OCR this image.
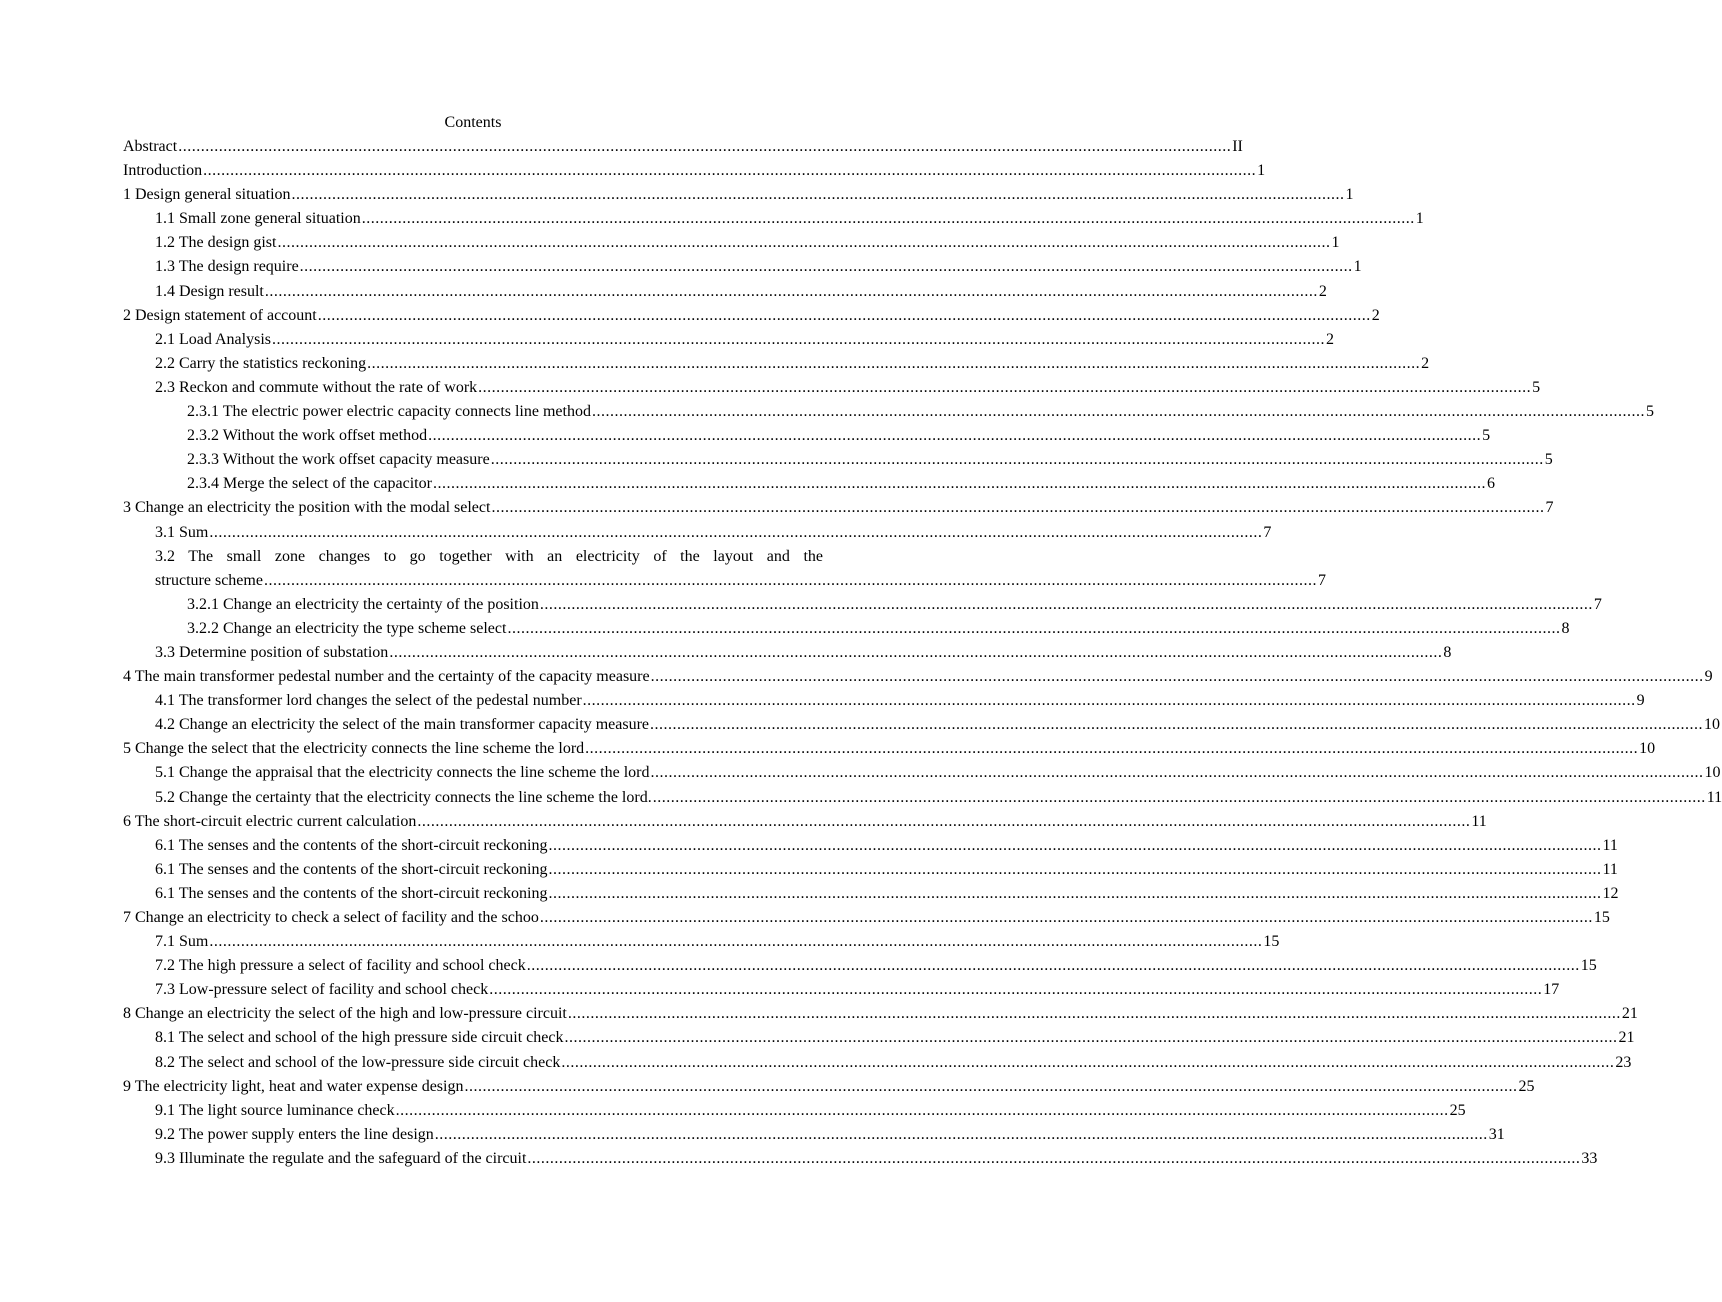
Contents
Abstract .......................................................................................................................................................................................................................................... II
Introduction .......................................................................................................................................................................................................................................... 1
1 Design general situation .......................................................................................................................................................................................................................................... 1
1.1 Small zone general situation .......................................................................................................................................................................................................................................... 1
1.2 The design gist .......................................................................................................................................................................................................................................... 1
1.3 The design require .......................................................................................................................................................................................................................................... 1
1.4 Design result .......................................................................................................................................................................................................................................... 2
2 Design statement of account .......................................................................................................................................................................................................................................... 2
2.1 Load Analysis .......................................................................................................................................................................................................................................... 2
2.2 Carry the statistics reckoning .......................................................................................................................................................................................................................................... 2
2.3 Reckon and commute without the rate of work .......................................................................................................................................................................................................................................... 5
2.3.1 The electric power electric capacity connects line method .......................................................................................................................................................................................................................................... 5
2.3.2 Without the work offset method .......................................................................................................................................................................................................................................... 5
2.3.3 Without the work offset capacity measure .......................................................................................................................................................................................................................................... 5
2.3.4 Merge the select of the capacitor .......................................................................................................................................................................................................................................... 6
3 Change an electricity the position with the modal select .......................................................................................................................................................................................................................................... 7
3.1 Sum .......................................................................................................................................................................................................................................... 7
3.2 The small zone changes to go together with an electricity of the layout and the
structure scheme .......................................................................................................................................................................................................................................... 7
3.2.1 Change an electricity the certainty of the position .......................................................................................................................................................................................................................................... 7
3.2.2 Change an electricity the type scheme select .......................................................................................................................................................................................................................................... 8
3.3 Determine position of substation .......................................................................................................................................................................................................................................... 8
4 The main transformer pedestal number and the certainty of the capacity measure .......................................................................................................................................................................................................................................... 9
4.1 The transformer lord changes the select of the pedestal number .......................................................................................................................................................................................................................................... 9
4.2 Change an electricity the select of the main transformer capacity measure .......................................................................................................................................................................................................................................... 10
5 Change the select that the electricity connects the line scheme the lord .......................................................................................................................................................................................................................................... 10
5.1 Change the appraisal that the electricity connects the line scheme the lord .......................................................................................................................................................................................................................................... 10
5.2 Change the certainty that the electricity connects the line scheme the lord. .......................................................................................................................................................................................................................................... 11
6 The short-circuit electric current calculation .......................................................................................................................................................................................................................................... 11
6.1 The senses and the contents of the short-circuit reckoning .......................................................................................................................................................................................................................................... 11
6.1 The senses and the contents of the short-circuit reckoning .......................................................................................................................................................................................................................................... 11
6.1 The senses and the contents of the short-circuit reckoning .......................................................................................................................................................................................................................................... 12
7 Change an electricity to check a select of facility and the schoo .......................................................................................................................................................................................................................................... 15
7.1 Sum .......................................................................................................................................................................................................................................... 15
7.2 The high pressure a select of facility and school check .......................................................................................................................................................................................................................................... 15
7.3 Low-pressure select of facility and school check .......................................................................................................................................................................................................................................... 17
8 Change an electricity the select of the high and low-pressure circuit .......................................................................................................................................................................................................................................... 21
8.1 The select and school of the high pressure side circuit check .......................................................................................................................................................................................................................................... 21
8.2 The select and school of the low-pressure side circuit check .......................................................................................................................................................................................................................................... 23
9 The electricity light, heat and water expense design .......................................................................................................................................................................................................................................... 25
9.1 The light source luminance check .......................................................................................................................................................................................................................................... 25
9.2 The power supply enters the line design .......................................................................................................................................................................................................................................... 31
9.3 Illuminate the regulate and the safeguard of the circuit .......................................................................................................................................................................................................................................... 33
